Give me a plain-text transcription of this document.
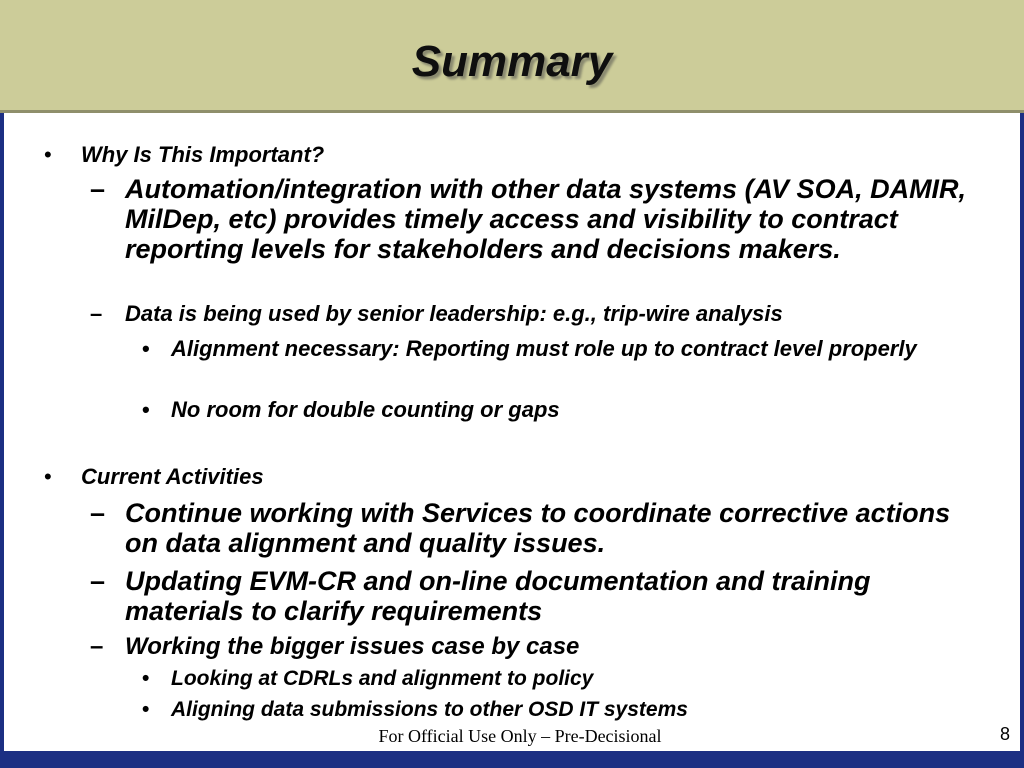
Summary
• Why Is This Important?
– Automation/integration with other data systems (AV SOA, DAMIR, MilDep, etc) provides timely access and visibility to contract reporting levels for stakeholders and decisions makers.
– Data is being used by senior leadership: e.g., trip-wire analysis
• Alignment necessary: Reporting must role up to contract level properly
• No room for double counting or gaps
• Current Activities
– Continue working with Services to coordinate corrective actions on data alignment and quality issues.
– Updating EVM-CR and on-line documentation and training materials to clarify requirements
– Working the bigger issues case by case
• Looking at CDRLs and alignment to policy
• Aligning data submissions to other OSD IT systems
For Official Use Only – Pre-Decisional	8
